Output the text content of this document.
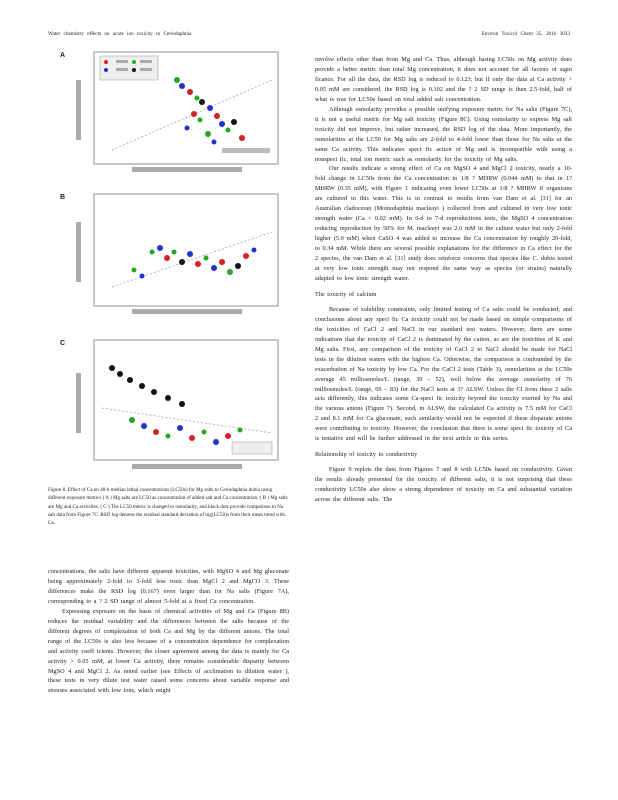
Water chemistry effects on acute ion toxicity to Ceriodaphnia	Environ Toxicol Chem 35, 2016 3033
A
B
C
Figure 8. Effect of Ca on 48-h median lethal concentrations (LC50s) for Mg salts to Ceriodaphnia dubia using different exposure metrics ( A ) Mg salts are LC50 as concentration of added salt and Ca concentration. ( B ) Mg salts are Mg and Ca activities. ( C ) The LC50 metric is changed to osmolarity, and black dots provide comparison to Na salt data from Figure 7C. RSD log denotes the residual standard deviation of log(LC50)s from their mean trend with Ca.

concentrations, the salts have different apparent toxicities, with MgSO 4 and Mg gluconate being approximately 2-fold to 3-fold less toxic than MgCl 2 and MgCO 3. These differences make the RSD log (0.167) even larger than for Na salts (Figure 7A), corresponding to a ? 2 SD range of almost 5-fold at a fixed Ca concentration.

Expressing exposure on the basis of chemical activities of Mg and Ca (Figure 8B) reduces the residual variability and the differences between the salts because of the different degrees of complexation of both Ca and Mg by the different anions. The total range of the LC50s is also less because of a concentration dependence for complexation and activity coeff icients. However, the closer agreement among the data is mainly for Ca activity > 0.05 mM, at lower Ca activity, there remains considerable disparity between MgSO 4 and MgCl 2. As noted earlier (see Effects of acclimation to dilution water ), these tests in very dilute test water raised some concerns about variable response and stresses associated with low ions, which might

involve effects other than from Mg and Ca. Thus, although basing LC50s on Mg activity does provide a better metric than total Mg concentration, it does not account for all factors of signi ficance. For all the data, the RSD log is reduced to 0.123; but if only the data at Ca activity > 0.05 mM are considered, the RSD log is 0.102 and the ? 2 SD range is then 2.5-fold, half of what is was for LC50s based on total added salt concentration.

Although osmolarity provides a possible unifying exposure metric for Na salts (Figure 7C), it is not a useful metric for Mg salt toxicity (Figure 8C). Using osmolarity to express Mg salt toxicity did not improve, but rather increased, the RSD log of the data. More importantly, the osmolarities at the LC50 for Mg salts are 2-fold to 4-fold lower than those for Na salts at the same Ca activity. This indicates speci fic action of Mg and is incompatible with using a nonspeci fic, total ion metric such as osmolarity for the toxicity of Mg salts.

Our results indicate a strong effect of Ca on MgSO 4 and MgCl 2 toxicity, nearly a 10-fold change in LC50s from the Ca concentration in 1/8 ? MHRW (0.044 mM) to that in 1? MHRW (0.35 mM), with Figure 1 indicating even lower LC50s at 1/8 ? MHRW if organisms are cultured in this water. This is in contrast to results from van Dam et al. [31] for an Australian cladoceran (Moinodaphnia macleayi ) collected from and cultured in very low ionic strength water (Ca < 0.02 mM). In 6-d to 7-d reproductions tests, the MgSO 4 concentration reducing reproduction by 50% for M. macleayi was 2.6 mM in the culture water but only 2-fold higher (5.0 mM) when CaSO 4 was added to increase the Ca concentration by roughly 20-fold, to 0.34 mM. While there are several possible explanations for the difference in Ca effect for the 2 species, the van Dam et al. [31] study does reinforce concerns that species like C. dubia tested at very low ionic strength may not respond the same way as species (or strains) naturally adapted to low ionic strength water.

The toxicity of calcium

Because of solubility constraints, only limited testing of Ca salts could be conducted; and conclusions about any speci fic Ca toxicity could not be made based on simple comparisons of the toxicities of CaCl 2 and NaCl in our standard test waters. However, there are some indications that the toxicity of CaCl 2 is dominated by the cation, as are the toxicities of K and Mg salts. First, any comparison of the toxicity of CaCl 2 to NaCl should be made for NaCl tests in the dilution waters with the highest Ca. Otherwise, the comparison is confounded by the exacerbation of Na toxicity by low Ca. For the CaCl 2 tests (Table 3), osmolarities at the LC50s average 45 milliosmoles/L (range, 39 – 52), well below the average osmolarity of 76 milliosmoles/L (range, 69 – 83) for the NaCl tests at 3? ALSW. Unless the Cl from these 2 salts acts differently, this indicates some Ca-speci fic toxicity beyond the toxicity exerted by Na and the various anions (Figure 7). Second, in ALSW, the calculated Ca activity is 7.5 mM for CaCl 2 and 8.1 mM for Ca gluconate; such similarity would not be expected if these disparate anions were contributing to toxicity. However, the conclusion that there is some speci fic toxicity of Ca is tentative and will be further addressed in the next article in this series.

Relationship of toxicity to conductivity

Figure 9 replots the data from Figures 7 and 8 with LC50s based on conductivity. Given the results already presented for the toxicity of different salts, it is not surprising that these conductivity LC50s also show a strong dependence of toxicity on Ca and substantial variation across the different salts. The
